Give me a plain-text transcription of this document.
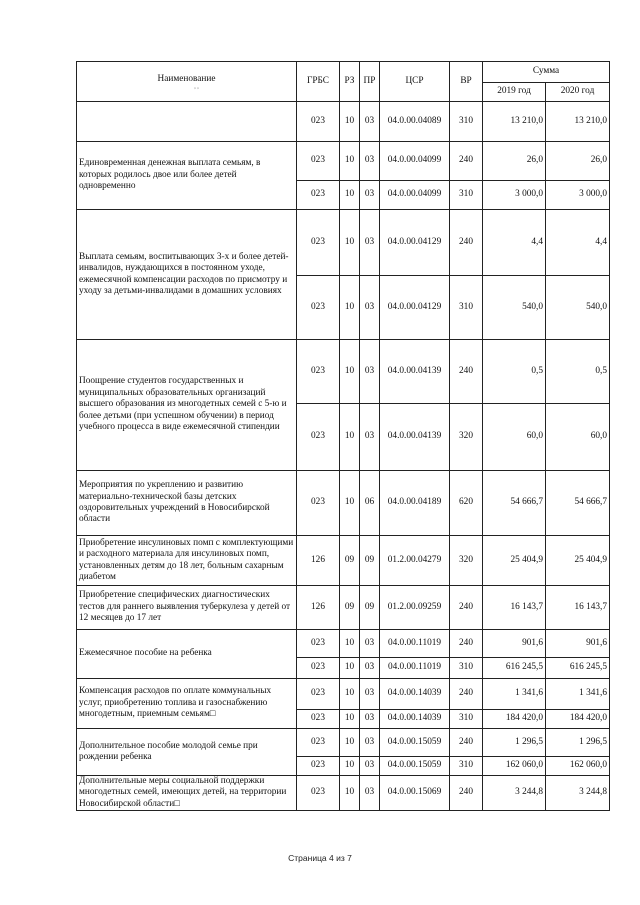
Наименование
, ,	ГРБС	РЗ	ПР	ЦСР	ВР	Сумма	
						2019 год	2020 год
	023	10	03	04.0.00.04089	310	13 210,0	13 210,0
Единовременная денежная выплата семьям, в которых родилось двое или более детей одновременно	023	10	03	04.0.00.04099	240	26,0	26,0
	023	10	03	04.0.00.04099	310	3 000,0	3 000,0
Выплата семьям, воспитывающих 3-х и более детей-инвалидов, нуждающихся в постоянном уходе, ежемесячной компенсации расходов по присмотру и уходу за детьми-инвалидами в домашних условиях	023	10	03	04.0.00.04129	240	4,4	4,4
	023	10	03	04.0.00.04129	310	540,0	540,0
Поощрение студентов государственных и муниципальных образовательных организаций высшего образования из многодетных семей с 5-ю и более детьми (при успешном обучении) в период учебного процесса в виде ежемесячной стипендии	023	10	03	04.0.00.04139	240	0,5	0,5
	023	10	03	04.0.00.04139	320	60,0	60,0
Мероприятия по укреплению и развитию материально-технической базы детских оздоровительных учреждений в Новосибирской области	023	10	06	04.0.00.04189	620	54 666,7	54 666,7
Приобретение инсулиновых помп с комплектующими и расходного материала для инсулиновых помп, установленных детям до 18 лет, больным сахарным диабетом	126	09	09	01.2.00.04279	320	25 404,9	25 404,9
Приобретение специфических диагностических тестов для раннего выявления туберкулеза у детей от 12 месяцев до 17 лет	126	09	09	01.2.00.09259	240	16 143,7	16 143,7
Ежемесячное пособие на ребенка	023	10	03	04.0.00.11019	240	901,6	901,6
	023	10	03	04.0.00.11019	310	616 245,5	616 245,5
Компенсация расходов по оплате коммунальных услуг, приобретению топлива и газоснабжению многодетным, приемным семьям□	023	10	03	04.0.00.14039	240	1 341,6	1 341,6
	023	10	03	04.0.00.14039	310	184 420,0	184 420,0
Дополнительное пособие молодой семье при рождении ребенка	023	10	03	04.0.00.15059	240	1 296,5	1 296,5
	023	10	03	04.0.00.15059	310	162 060,0	162 060,0
Дополнительные меры социальной поддержки многодетных семей, имеющих детей, на территории Новосибирской области□	023	10	03	04.0.00.15069	240	3 244,8	3 244,8
Страница 4 из 7
